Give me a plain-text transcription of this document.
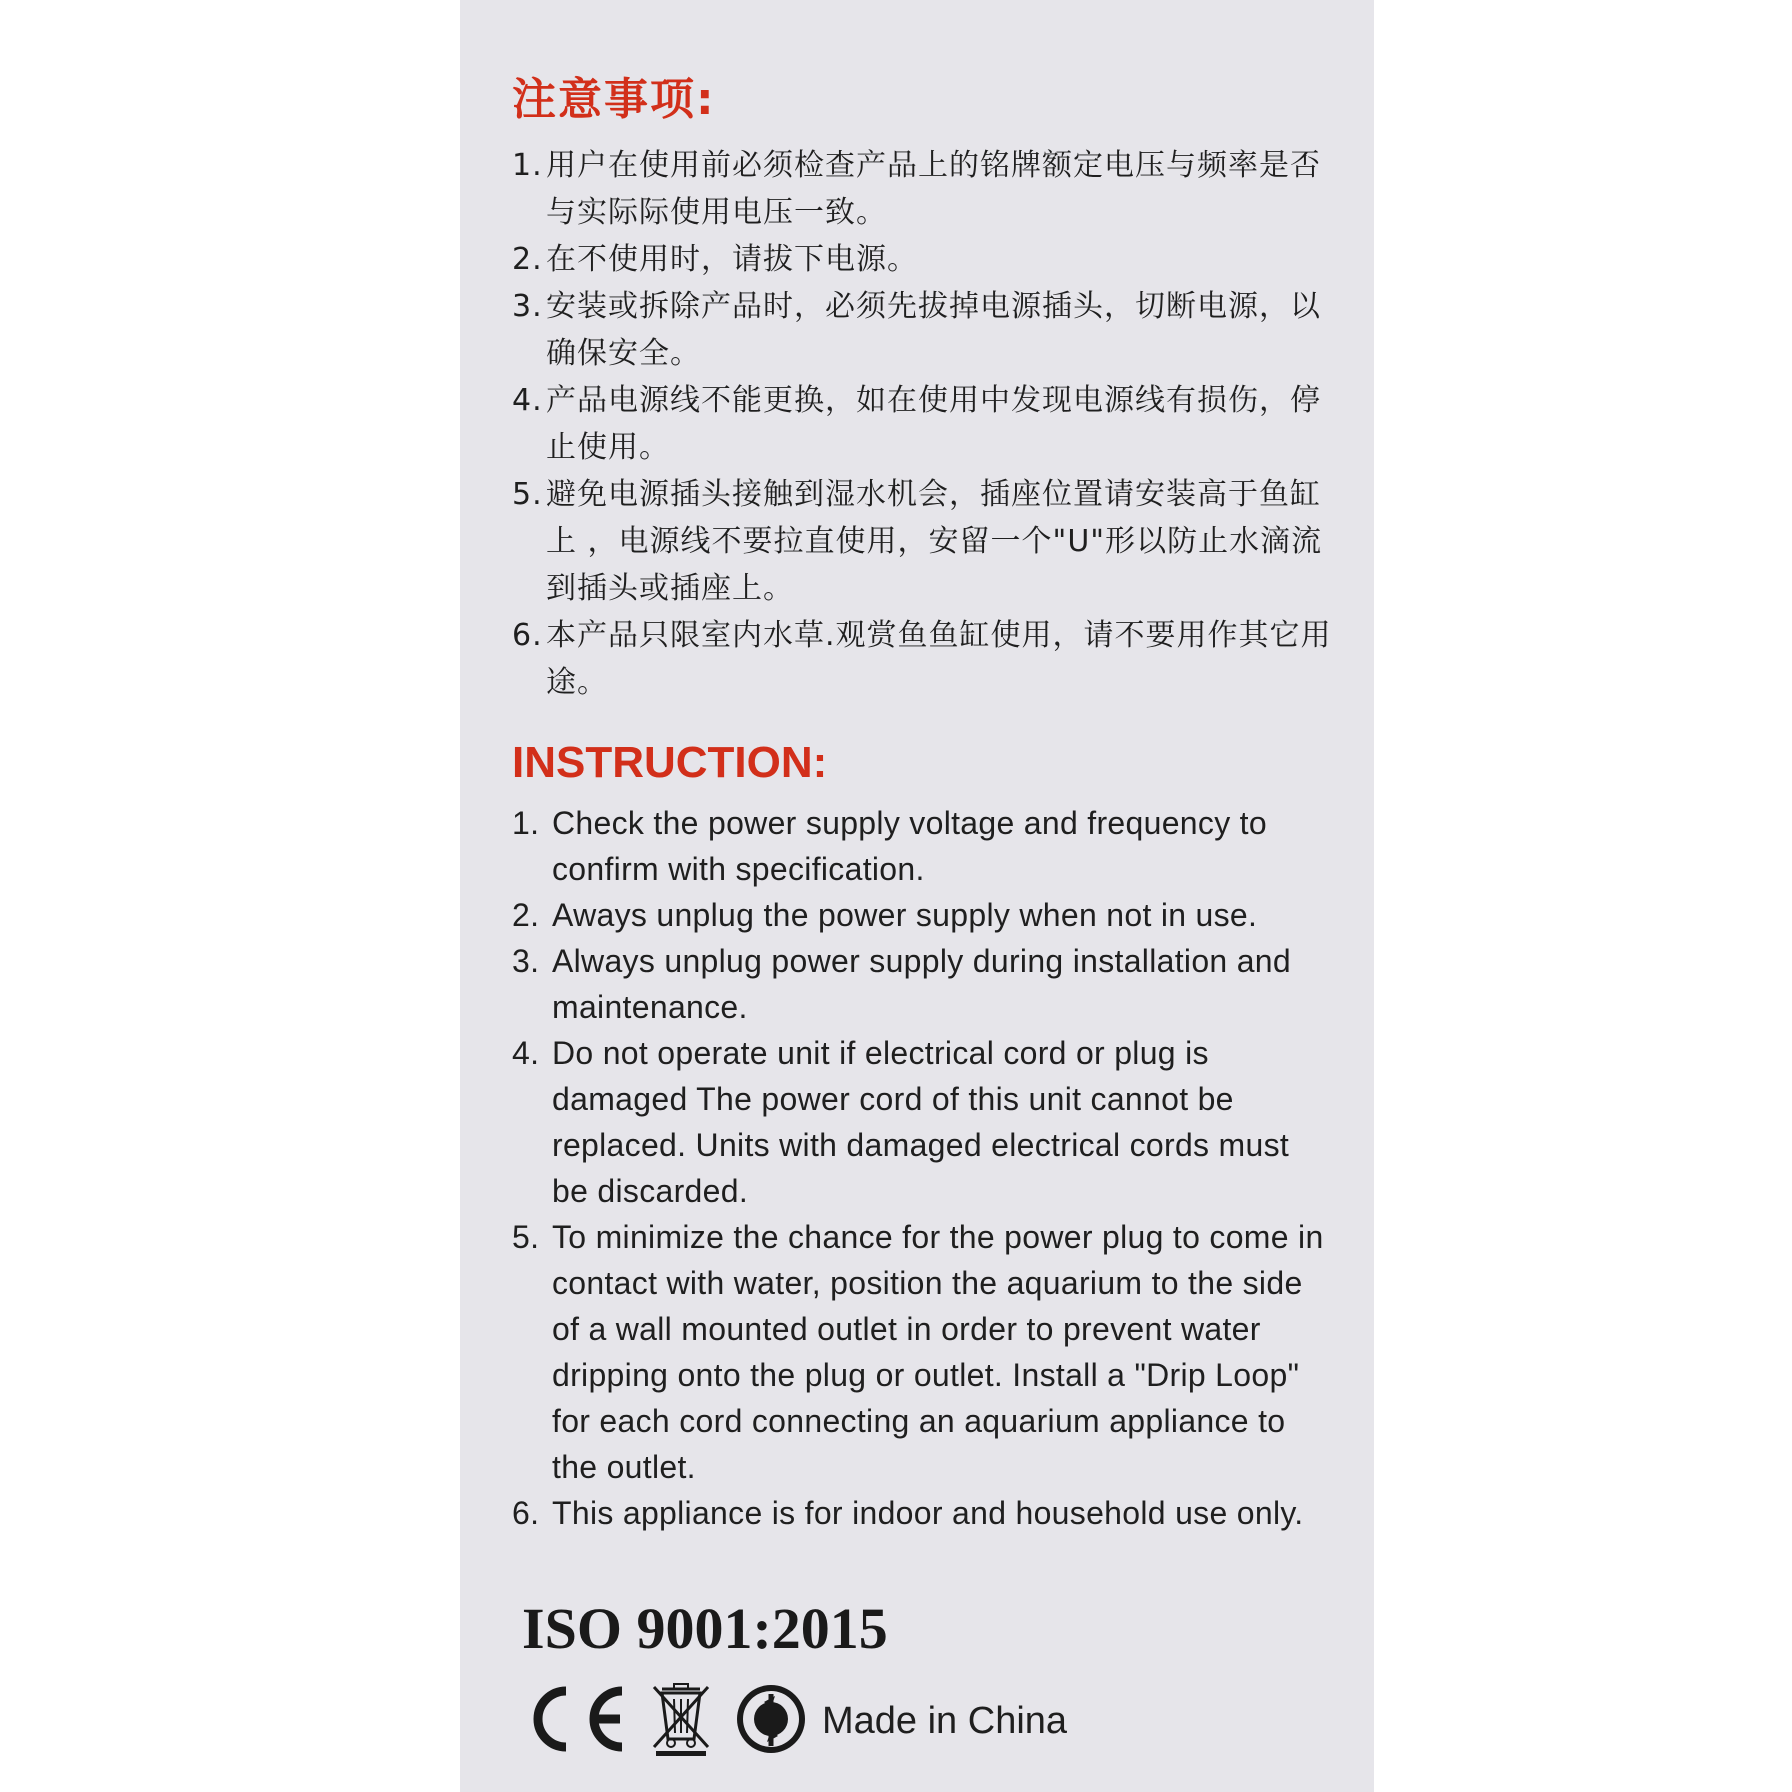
注意事项:
1. 用户在使用前必须检查产品上的铭牌额定电压与频率是否与实际际使用电压一致。
2. 在不使用时，请拔下电源。
3. 安装或拆除产品时，必须先拔掉电源插头，切断电源，以确保安全。
4. 产品电源线不能更换，如在使用中发现电源线有损伤，停止使用。
5. 避免电源插头接触到湿水机会，插座位置请安装高于鱼缸上 ，电源线不要拉直使用，安留一个"U"形以防止水滴流到插头或插座上。
6. 本产品只限室内水草.观赏鱼鱼缸使用，请不要用作其它用途。
INSTRUCTION:
1. Check the power supply voltage and frequency to confirm with specification.
2. Aways unplug the power supply when not in use.
3. Always unplug power supply during installation and maintenance.
4. Do not operate unit if electrical cord or plug is damaged The power cord of this unit cannot be replaced. Units with damaged electrical cords must be discarded.
5. To minimize the chance for the power plug to come in contact with water, position the aquarium to the side of a wall mounted outlet in order to prevent water dripping onto the plug or outlet. Install a "Drip Loop" for each cord connecting an aquarium appliance to the outlet.
6. This appliance is for indoor and household use only.
ISO 9001:2015
Made in China
